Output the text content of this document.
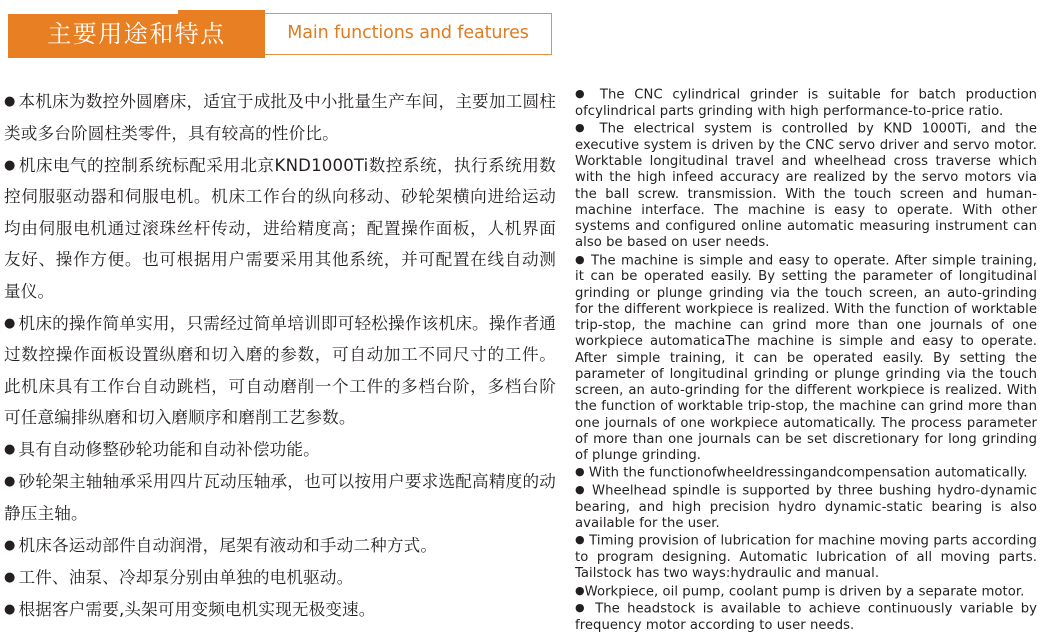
主要用途和特点	Main functions and features

● 本机床为数控外圆磨床，适宜于成批及中小批量生产车间，主要加工圆柱类或多台阶圆柱类零件，具有较高的性价比。

● 机床电气的控制系统标配采用北京KND1000Ti数控系统，执行系统用数控伺服驱动器和伺服电机。机床工作台的纵向移动、砂轮架横向进给运动均由伺服电机通过滚珠丝杆传动，进给精度高；配置操作面板，人机界面友好、操作方便。也可根据用户需要采用其他系统，并可配置在线自动测量仪。

● 机床的操作简单实用，只需经过简单培训即可轻松操作该机床。操作者通过数控操作面板设置纵磨和切入磨的参数，可自动加工不同尺寸的工件。此机床具有工作台自动跳档，可自动磨削一个工件的多档台阶，多档台阶可任意编排纵磨和切入磨顺序和磨削工艺参数。

● 具有自动修整砂轮功能和自动补偿功能。

● 砂轮架主轴轴承采用四片瓦动压轴承，也可以按用户要求选配高精度的动静压主轴。

● 机床各运动部件自动润滑，尾架有液动和手动二种方式。

● 工件、油泵、冷却泵分别由单独的电机驱动。

● 根据客户需要,头架可用变频电机实现无极变速。

● The CNC cylindrical grinder is suitable for batch production ofcylindrical parts grinding with high performance-to-price ratio.

● The electrical system is controlled by KND 1000Ti, and the executive system is driven by the CNC servo driver and servo motor. Worktable longitudinal travel and wheelhead cross traverse which with the high infeed accuracy are realized by the servo motors via the ball screw. transmission. With the touch screen and human-machine interface. The machine is easy to operate. With other systems and configured online automatic measuring instrument can also be based on user needs.

● The machine is simple and easy to operate. After simple training, it can be operated easily. By setting the parameter of longitudinal grinding or plunge grinding via the touch screen, an auto-grinding for the different workpiece is realized. With the function of worktable trip-stop, the machine can grind more than one journals of one workpiece automaticaThe machine is simple and easy to operate. After simple training, it can be operated easily. By setting the parameter of longitudinal grinding or plunge grinding via the touch screen, an auto-grinding for the different workpiece is realized. With the function of worktable trip-stop, the machine can grind more than one journals of one workpiece automatically. The process parameter of more than one journals can be set discretionary for long grinding of plunge grinding.

● With the functionofwheeldressingandcompensation automatically.

● Wheelhead spindle is supported by three bushing hydro-dynamic bearing, and high precision hydro dynamic-static bearing is also available for the user.

● Timing provision of lubrication for machine moving parts according to program designing. Automatic lubrication of all moving parts. Tailstock has two ways:hydraulic and manual.

●Workpiece, oil pump, coolant pump is driven by a separate motor.

● The headstock is available to achieve continuously variable by frequency motor according to user needs.
